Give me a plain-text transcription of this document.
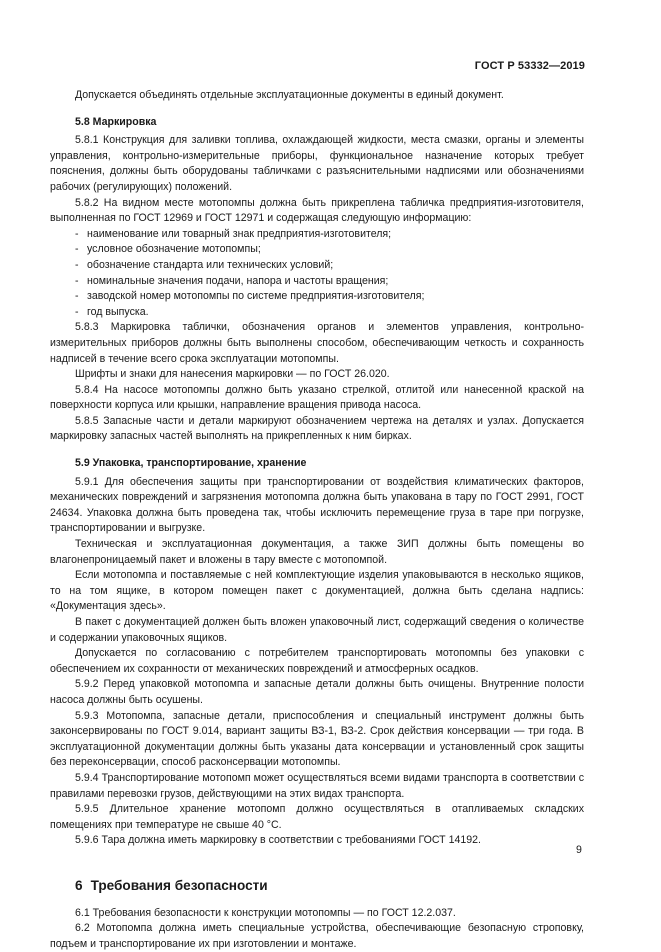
ГОСТ Р 53332—2019

Допускается объединять отдельные эксплуатационные документы в единый документ.

5.8 Маркировка

5.8.1 Конструкция для заливки топлива, охлаждающей жидкости, места смазки, органы и элементы управления, контрольно-измерительные приборы, функциональное назначение которых требует пояснения, должны быть оборудованы табличками с разъяснительными надписями или обозначениями рабочих (регулирующих) положений.

5.8.2 На видном месте мотопомпы должна быть прикреплена табличка предприятия-изготовителя, выполненная по ГОСТ 12969 и ГОСТ 12971 и содержащая следующую информацию:

- наименование или товарный знак предприятия-изготовителя;
- условное обозначение мотопомпы;
- обозначение стандарта или технических условий;
- номинальные значения подачи, напора и частоты вращения;
- заводской номер мотопомпы по системе предприятия-изготовителя;
- год выпуска.

5.8.3 Маркировка таблички, обозначения органов и элементов управления, контрольно-измерительных приборов должны быть выполнены способом, обеспечивающим четкость и сохранность надписей в течение всего срока эксплуатации мотопомпы.

Шрифты и знаки для нанесения маркировки — по ГОСТ 26.020.

5.8.4 На насосе мотопомпы должно быть указано стрелкой, отлитой или нанесенной краской на поверхности корпуса или крышки, направление вращения привода насоса.

5.8.5 Запасные части и детали маркируют обозначением чертежа на деталях и узлах. Допускается маркировку запасных частей выполнять на прикрепленных к ним бирках.

5.9 Упаковка, транспортирование, хранение

5.9.1 Для обеспечения защиты при транспортировании от воздействия климатических факторов, механических повреждений и загрязнения мотопомпа должна быть упакована в тару по ГОСТ 2991, ГОСТ 24634. Упаковка должна быть проведена так, чтобы исключить перемещение груза в таре при погрузке, транспортировании и выгрузке.

Техническая и эксплуатационная документация, а также ЗИП должны быть помещены во влагонепроницаемый пакет и вложены в тару вместе с мотопомпой.

Если мотопомпа и поставляемые с ней комплектующие изделия упаковываются в несколько ящиков, то на том ящике, в котором помещен пакет с документацией, должна быть сделана надпись: «Документация здесь».

В пакет с документацией должен быть вложен упаковочный лист, содержащий сведения о количестве и содержании упаковочных ящиков.

Допускается по согласованию с потребителем транспортировать мотопомпы без упаковки с обеспечением их сохранности от механических повреждений и атмосферных осадков.

5.9.2 Перед упаковкой мотопомпа и запасные детали должны быть очищены. Внутренние полости насоса должны быть осушены.

5.9.3 Мотопомпа, запасные детали, приспособления и специальный инструмент должны быть законсервированы по ГОСТ 9.014, вариант защиты ВЗ-1, ВЗ-2. Срок действия консервации — три года. В эксплуатационной документации должны быть указаны дата консервации и установленный срок защиты без переконсервации, способ расконсервации мотопомпы.

5.9.4 Транспортирование мотопомп может осуществляться всеми видами транспорта в соответствии с правилами перевозки грузов, действующими на этих видах транспорта.

5.9.5 Длительное хранение мотопомп должно осуществляться в отапливаемых складских помещениях при температуре не свыше 40 °С.

5.9.6 Тара должна иметь маркировку в соответствии с требованиями ГОСТ 14192.

6 Требования безопасности

6.1 Требования безопасности к конструкции мотопомпы — по ГОСТ 12.2.037.

6.2 Мотопомпа должна иметь специальные устройства, обеспечивающие безопасную строповку, подъем и транспортирование их при изготовлении и монтаже.

9
